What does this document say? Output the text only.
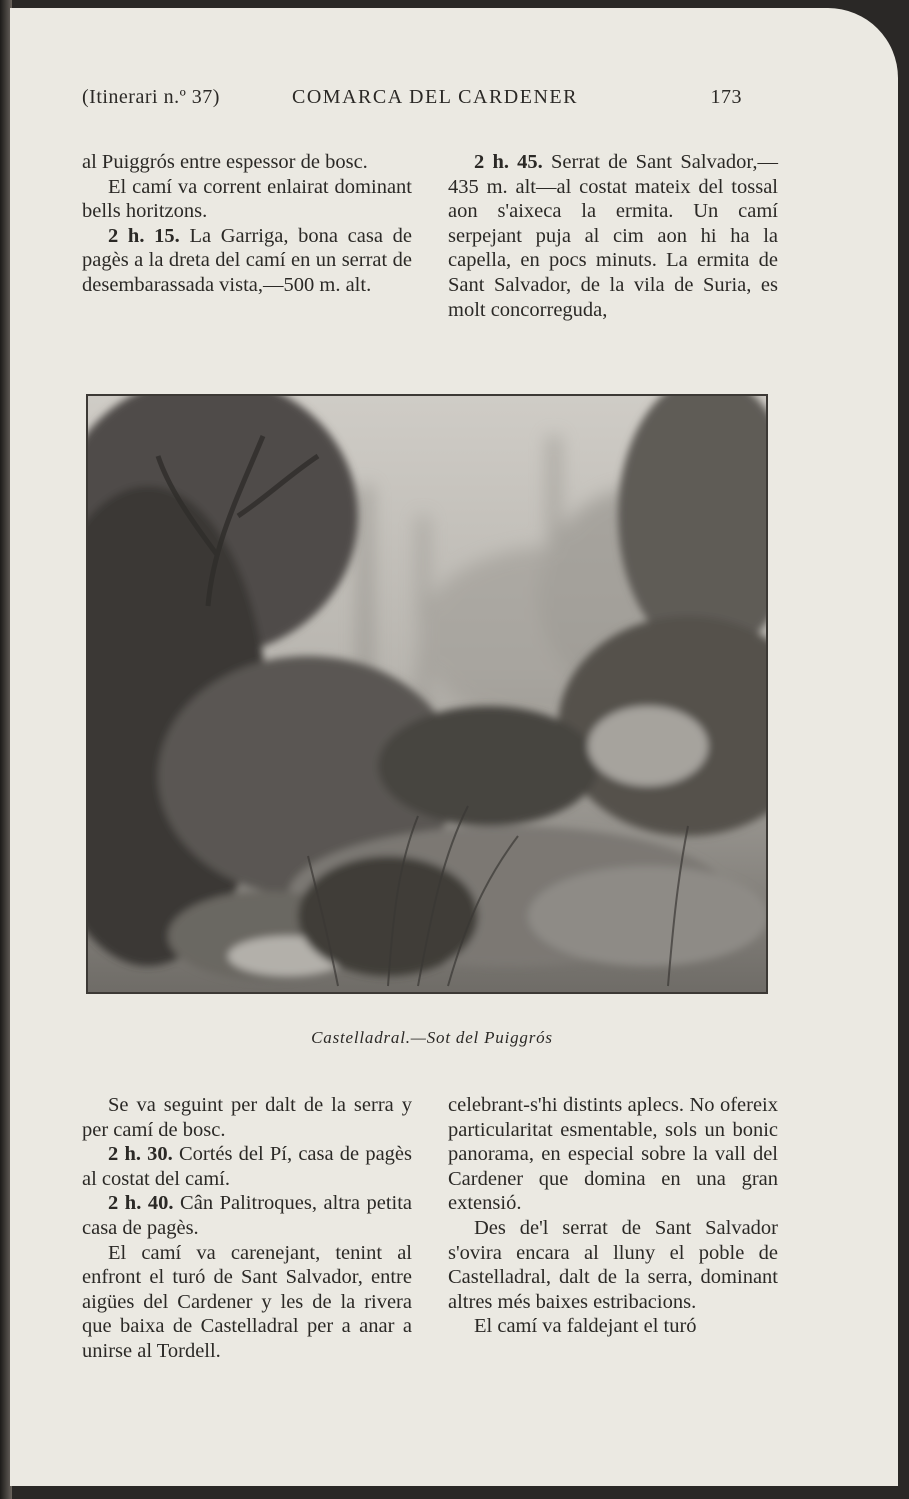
(Itinerari n.º 37)	COMARCA DEL CARDENER	173

al Puiggrós entre espessor de bosc.

El camí va corrent enlairat dominant bells horitzons.

2 h. 15. La Garriga, bona casa de pagès a la dreta del camí en un serrat de desembarassada vista,—500 m. alt.

2 h. 45. Serrat de Sant Salvador,—435 m. alt—al costat mateix del tossal aon s'aixeca la ermita. Un camí serpejant puja al cim aon hi ha la capella, en pocs minuts. La ermita de Sant Salvador, de la vila de Suria, es molt concorreguda,

Castelladral.—Sot del Puiggrós

Se va seguint per dalt de la serra y per camí de bosc.

2 h. 30. Cortés del Pí, casa de pagès al costat del camí.

2 h. 40. Cân Palitroques, altra petita casa de pagès.

El camí va carenejant, tenint al enfront el turó de Sant Salvador, entre aigües del Cardener y les de la rivera que baixa de Castelladral per a anar a unirse al Tordell.

celebrant-s'hi distints aplecs. No ofereix particularitat esmentable, sols un bonic panorama, en especial sobre la vall del Cardener que domina en una gran extensió.

Des de'l serrat de Sant Salvador s'ovira encara al lluny el poble de Castelladral, dalt de la serra, dominant altres més baixes estribacions.

El camí va faldejant el turó
